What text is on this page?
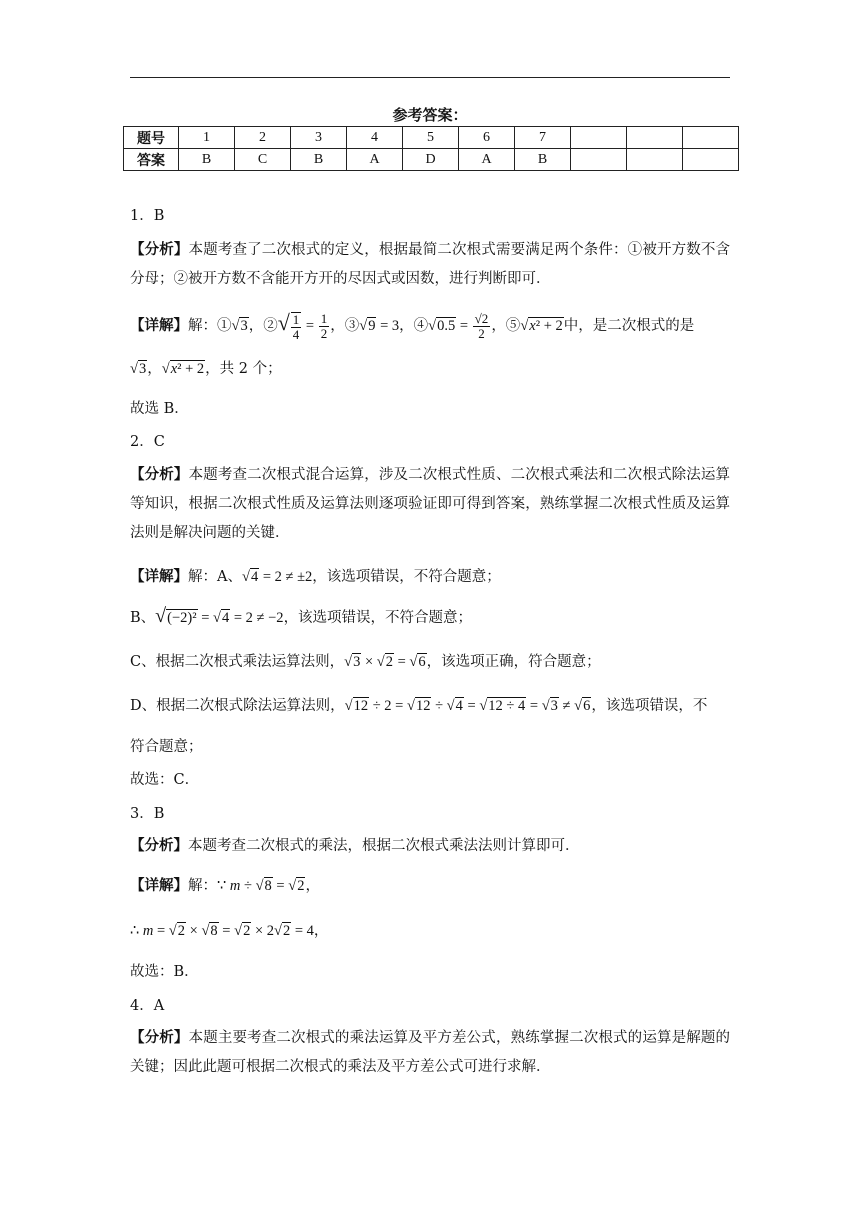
参考答案：
题号	1	2	3	4	5	6	7			
答案	B	C	B	A	D	A	B			
1．B
【分析】本题考查了二次根式的定义，根据最简二次根式需要满足两个条件：①被开方数不含分母；②被开方数不含能开方开的尽因式或因数，进行判断即可．
【详解】解：①√3，②√ $\frac{1}{4} = \frac{1}{2}$ ，③√9 = 3，④√0.5 = $\frac{√2}{2}$ ，⑤√x² + 2中，是二次根式的是
√3，√x² + 2，共 2 个；
故选 B．
2．C
【分析】本题考查二次根式混合运算，涉及二次根式性质、二次根式乘法和二次根式除法运算等知识，根据二次根式性质及运算法则逐项验证即可得到答案，熟练掌握二次根式性质及运算法则是解决问题的关键．
【详解】解：A、√4 = 2 ≠ ±2，该选项错误，不符合题意；
B、√(−2)² = √4 = 2 ≠ −2，该选项错误，不符合题意；
C、根据二次根式乘法运算法则，√3 × √2 = √6，该选项正确，符合题意；
D、根据二次根式除法运算法则，√12 ÷ 2 = √12 ÷ √4 = √12 ÷ 4 = √3 ≠ √6，该选项错误，不
符合题意；
故选：C．
3．B
【分析】本题考查二次根式的乘法，根据二次根式乘法法则计算即可．
【详解】解：∵ m ÷ √8 = √2，
∴ m = √2 × √8 = √2 × 2√2 = 4，
故选：B．
4．A
【分析】本题主要考查二次根式的乘法运算及平方差公式，熟练掌握二次根式的运算是解题的关键；因此此题可根据二次根式的乘法及平方差公式可进行求解．
